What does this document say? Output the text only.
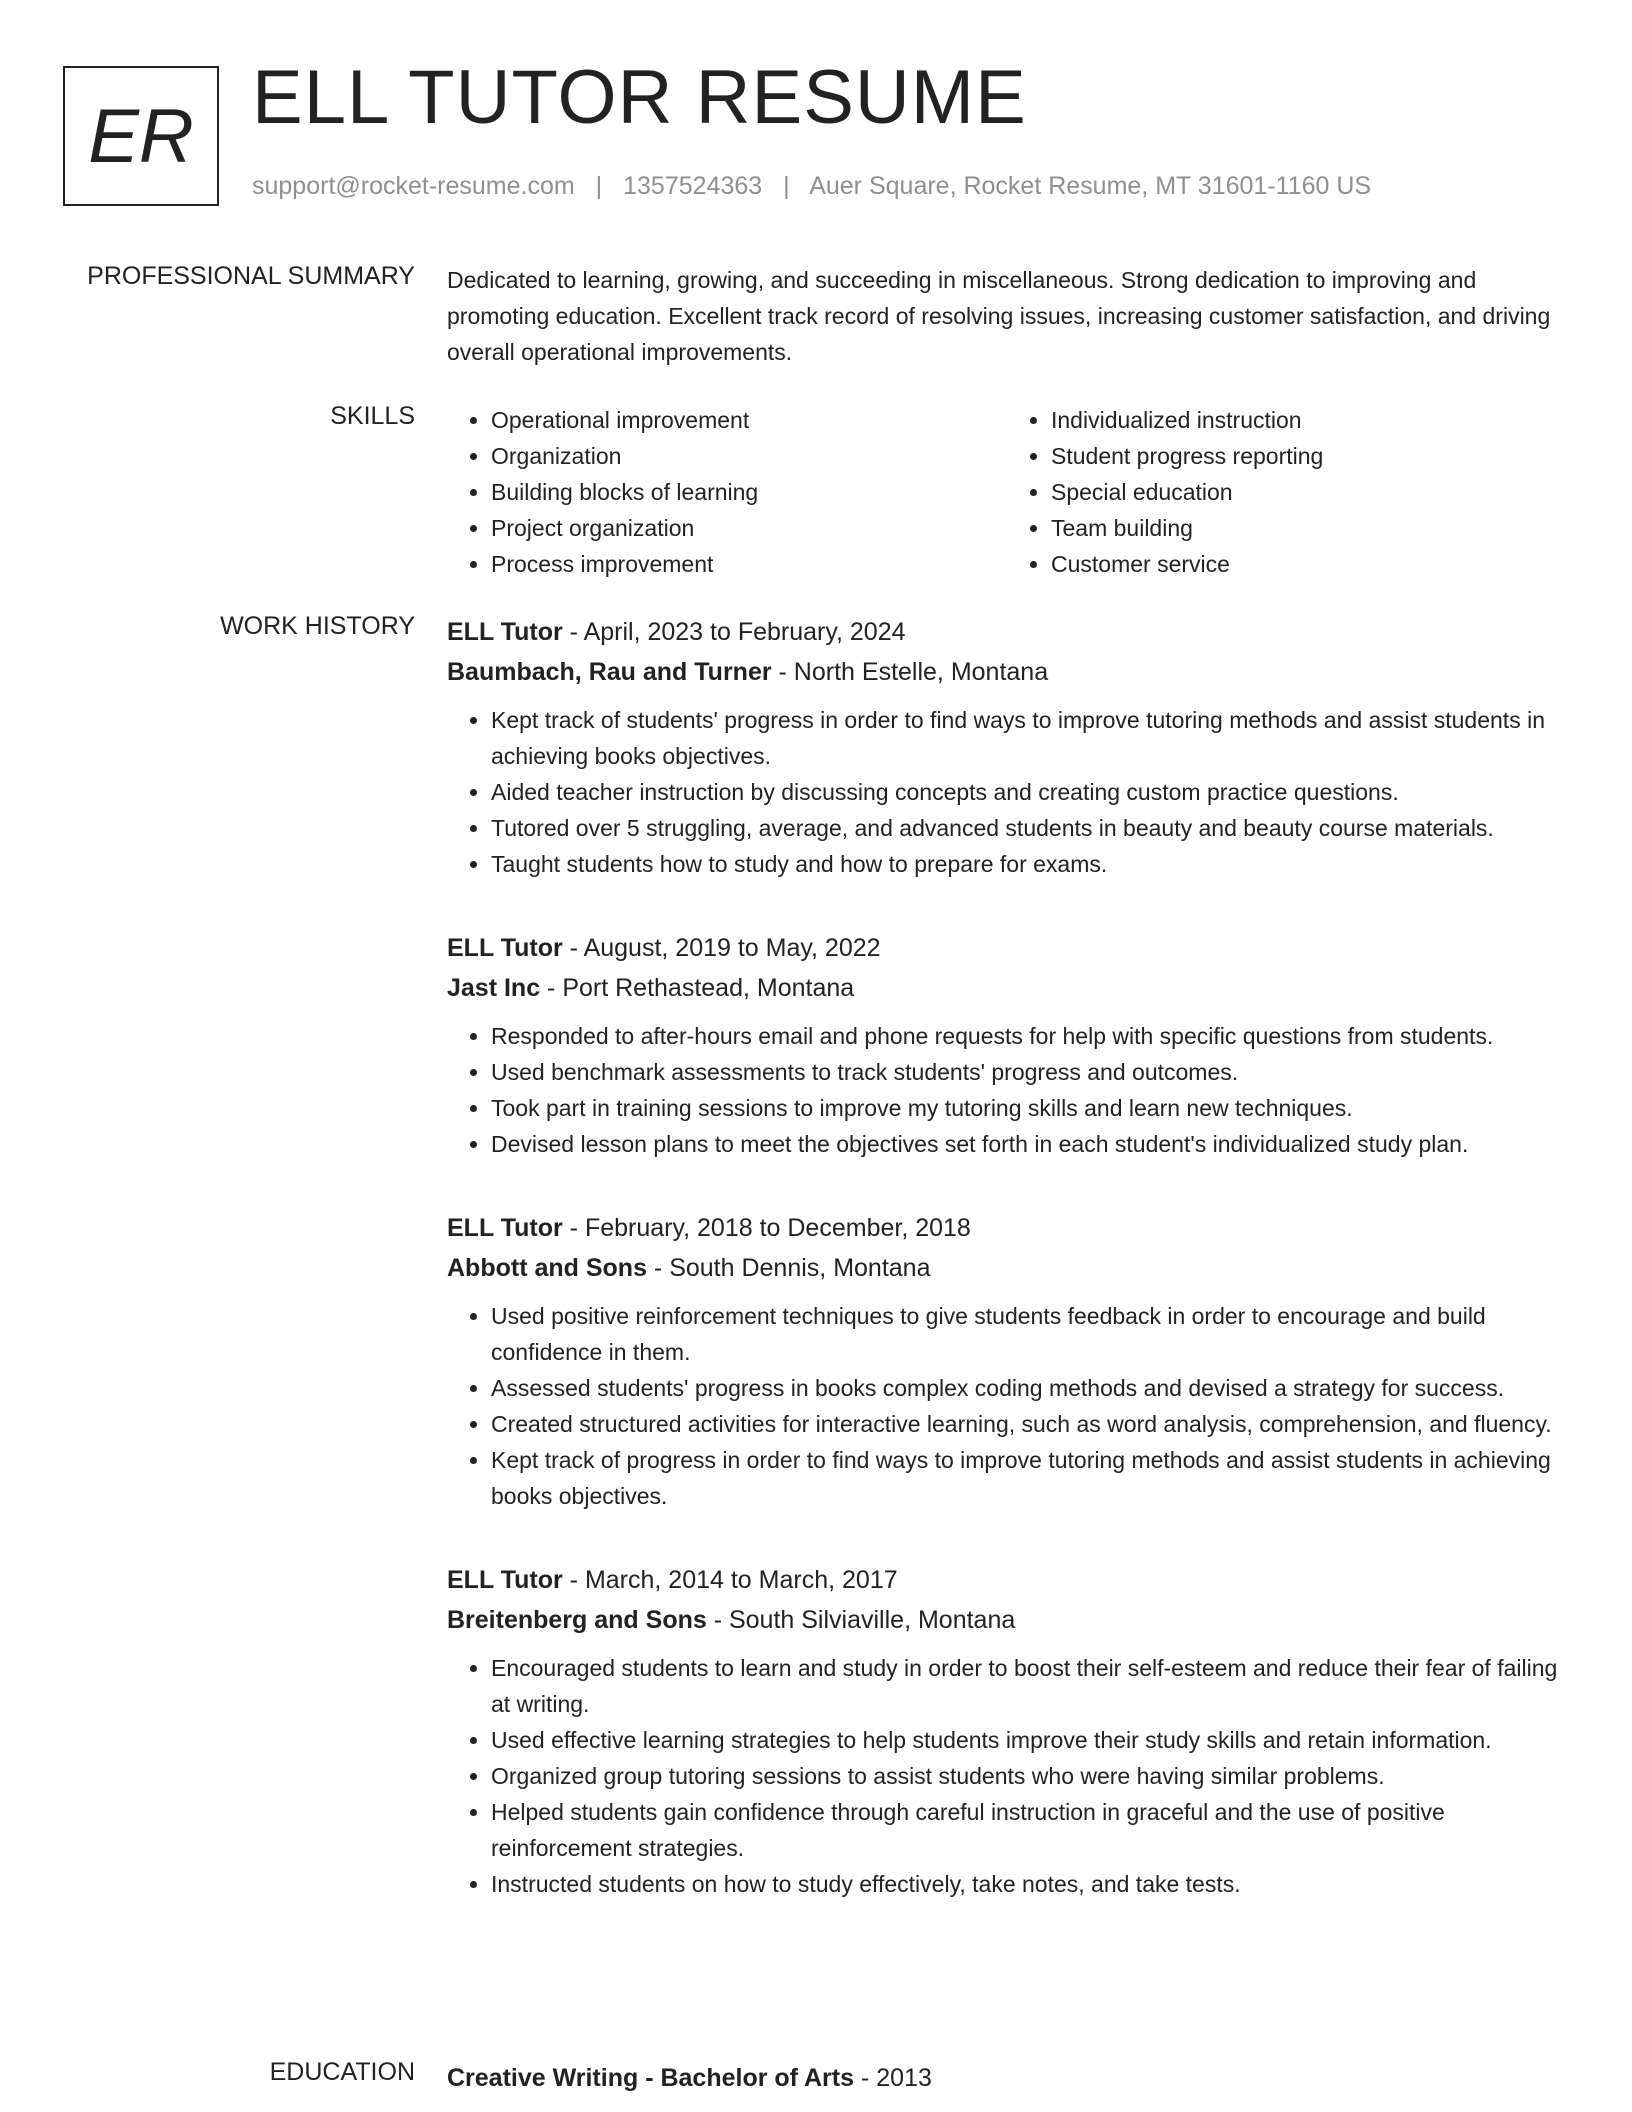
ER ELL TUTOR RESUME
support@rocket-resume.com | 1357524363 | Auer Square, Rocket Resume, MT 31601-1160 US
PROFESSIONAL SUMMARY Dedicated to learning, growing, and succeeding in miscellaneous. Strong dedication to improving and promoting education. Excellent track record of resolving issues, increasing customer satisfaction, and driving overall operational improvements.

SKILLS
•	Operational improvement
• Organization
• Building blocks of learning
• Project organization
• Process improvement
• Individualized instruction
• Student progress reporting
• Special education
• Team building
• Customer service
WORK HISTORY ELL Tutor - April, 2023 to February, 2024
Baumbach, Rau and Turner - North Estelle, Montana
• Kept track of students' progress in order to find ways to improve tutoring methods and assist students in achieving books objectives.
• Aided teacher instruction by discussing concepts and creating custom practice questions.
• Tutored over 5 struggling, average, and advanced students in beauty and beauty course materials.
• Taught students how to study and how to prepare for exams.
ELL Tutor - August, 2019 to May, 2022
Jast Inc - Port Rethastead, Montana
• Responded to after-hours email and phone requests for help with specific questions from students.
• Used benchmark assessments to track students' progress and outcomes.
• Took part in training sessions to improve my tutoring skills and learn new techniques.
• Devised lesson plans to meet the objectives set forth in each student's individualized study plan.
ELL Tutor - February, 2018 to December, 2018
Abbott and Sons - South Dennis, Montana
• Used positive reinforcement techniques to give students feedback in order to encourage and build confidence in them.
• Assessed students' progress in books complex coding methods and devised a strategy for success.
• Created structured activities for interactive learning, such as word analysis, comprehension, and fluency.
• Kept track of progress in order to find ways to improve tutoring methods and assist students in achieving books objectives.
ELL Tutor - March, 2014 to March, 2017
Breitenberg and Sons - South Silviaville, Montana
• Encouraged students to learn and study in order to boost their self-esteem and reduce their fear of failing at writing.
• Used effective learning strategies to help students improve their study skills and retain information.
• Organized group tutoring sessions to assist students who were having similar problems.
• Helped students gain confidence through careful instruction in graceful and the use of positive reinforcement strategies.
• Instructed students on how to study effectively, take notes, and take tests.
EDUCATION Creative Writing - Bachelor of Arts - 2013
